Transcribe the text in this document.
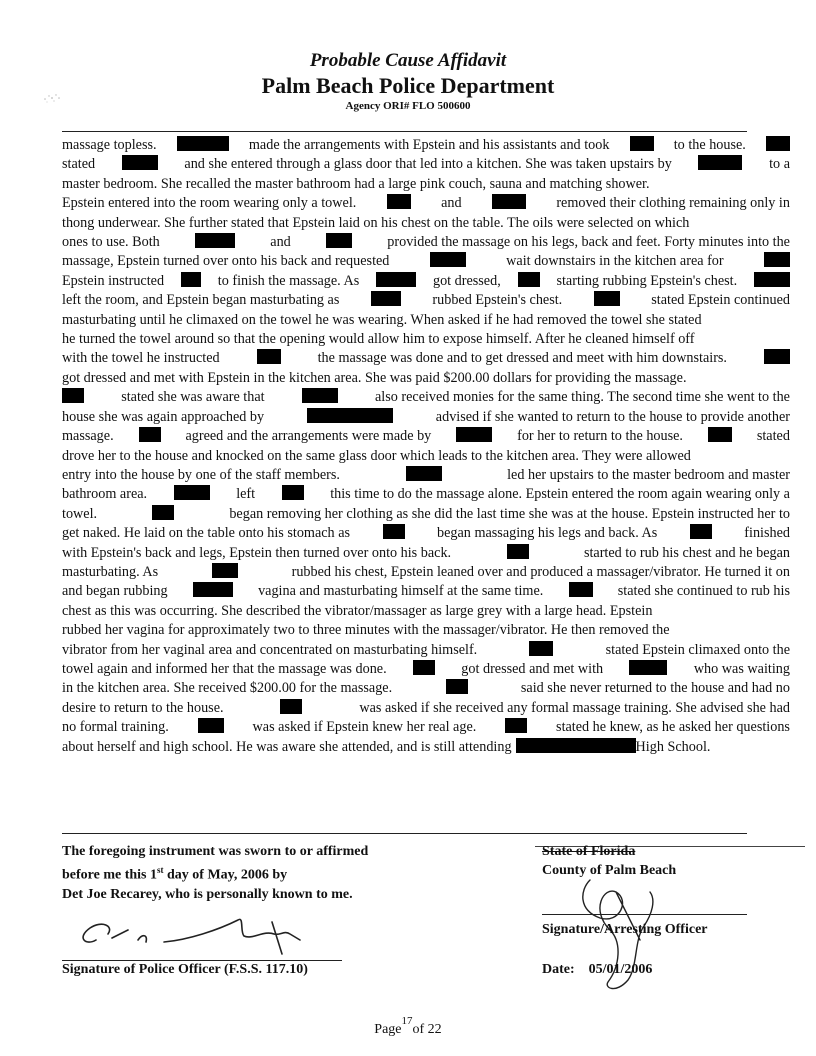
Probable Cause Affidavit
Palm Beach Police Department
Agency ORI# FLO 500600
massage topless.	made the arrangements with Epstein and his assistants and took	to the house.
stated	and she entered through a glass door that led into a kitchen. She was taken upstairs by	to a
master bedroom. She recalled the master bathroom had a large pink couch, sauna and matching shower.
Epstein entered into the room wearing only a towel.	and	removed their clothing remaining only in
thong underwear. She further stated that Epstein laid on his chest on the table. The oils were selected on which
ones to use. Both	and	provided the massage on his legs, back and feet. Forty minutes into the
massage, Epstein turned over onto his back and requested	wait downstairs in the kitchen area for
Epstein instructed	to finish the massage. As	got dressed,	starting rubbing Epstein's chest.
left the room, and Epstein began masturbating as	rubbed Epstein's chest.	stated Epstein continued
masturbating until he climaxed on the towel he was wearing. When asked if he had removed the towel she stated
he turned the towel around so that the opening would allow him to expose himself. After he cleaned himself off
with the towel he instructed	the massage was done and to get dressed and meet with him downstairs.
got dressed and met with Epstein in the kitchen area. She was paid $200.00 dollars for providing the massage.
stated she was aware that	also received monies for the same thing. The second time she went to the
house she was again approached by	advised if she wanted to return to the house to provide another
massage.	agreed and the arrangements were made by	for her to return to the house.	stated
drove her to the house and knocked on the same glass door which leads to the kitchen area. They were allowed
entry into the house by one of the staff members.	led her upstairs to the master bedroom and master
bathroom area.	left	this time to do the massage alone. Epstein entered the room again wearing only a
towel.	began removing her clothing as she did the last time she was at the house. Epstein instructed her to
get naked. He laid on the table onto his stomach as	began massaging his legs and back. As	finished
with Epstein's back and legs, Epstein then turned over onto his back.	started to rub his chest and he began
masturbating. As	rubbed his chest, Epstein leaned over and produced a massager/vibrator. He turned it on
and began rubbing	vagina and masturbating himself at the same time.	stated she continued to rub his
chest as this was occurring. She described the vibrator/massager as large grey with a large head. Epstein
rubbed her vagina for approximately two to three minutes with the massager/vibrator. He then removed the
vibrator from her vaginal area and concentrated on masturbating himself.	stated Epstein climaxed onto the
towel again and informed her that the massage was done.	got dressed and met with	who was waiting
in the kitchen area. She received $200.00 for the massage.	said she never returned to the house and had no
desire to return to the house.	was asked if she received any formal massage training. She advised she had
no formal training.	was asked if Epstein knew her real age.	stated he knew, as he asked her questions
about herself and high school. He was aware she attended, and is still attending	High School.
The foregoing instrument was sworn to or affirmed
before me this 1st day of May, 2006 by
Det Joe Recarey, who is personally known to me.
State of Florida
County of Palm Beach
Signature of Police Officer (F.S.S. 117.10)
Signature/Arresting Officer
Date: 05/01/2006
Page$^{17}$of 22
